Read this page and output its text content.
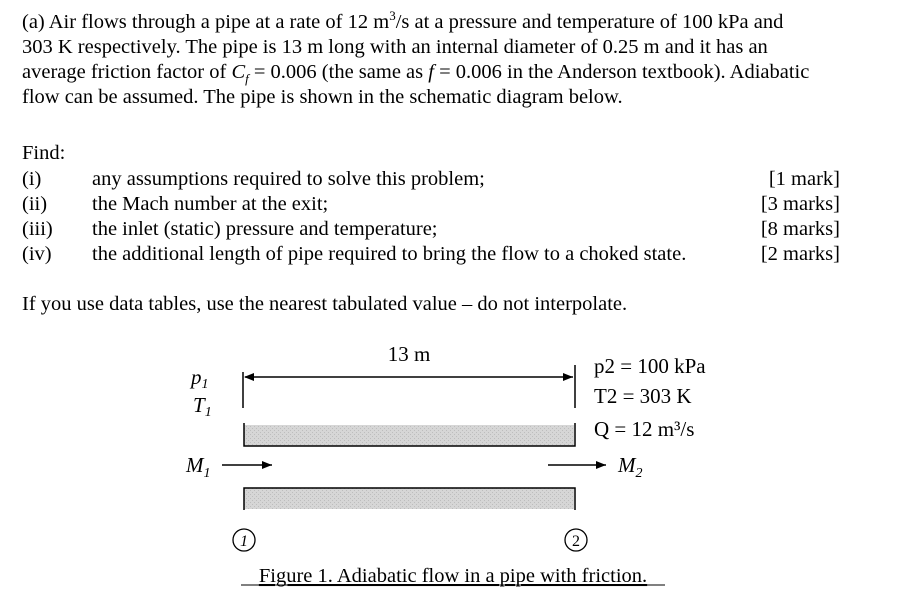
(a) Air flows through a pipe at a rate of 12 $m^3/s$ at a pressure and temperature of 100 kPa and
303 K respectively. The pipe is 13 m long with an internal diameter of 0.25 m and it has an
average friction factor of $C_f = 0.006$ (the same as f = 0.006 in the Anderson textbook). Adiabatic
flow can be assumed. The pipe is shown in the schematic diagram below.
Find:
(i) any assumptions required to solve this problem;	[1 mark]
(ii) the Mach number at the exit;	[3 marks]
(iii) the inlet (static) pressure and temperature;	[8 marks]
(iv) the additional length of pipe required to bring the flow to a choked state.	[2 marks]
If you use data tables, use the nearest tabulated value – do not interpolate.
13 m
p1
T1
p2 = 100 kPa
T2 = 303 K
Q = 12 m³/s
$M_1$	$M_2$
1	2
Figure 1. Adiabatic flow in a pipe with friction.
